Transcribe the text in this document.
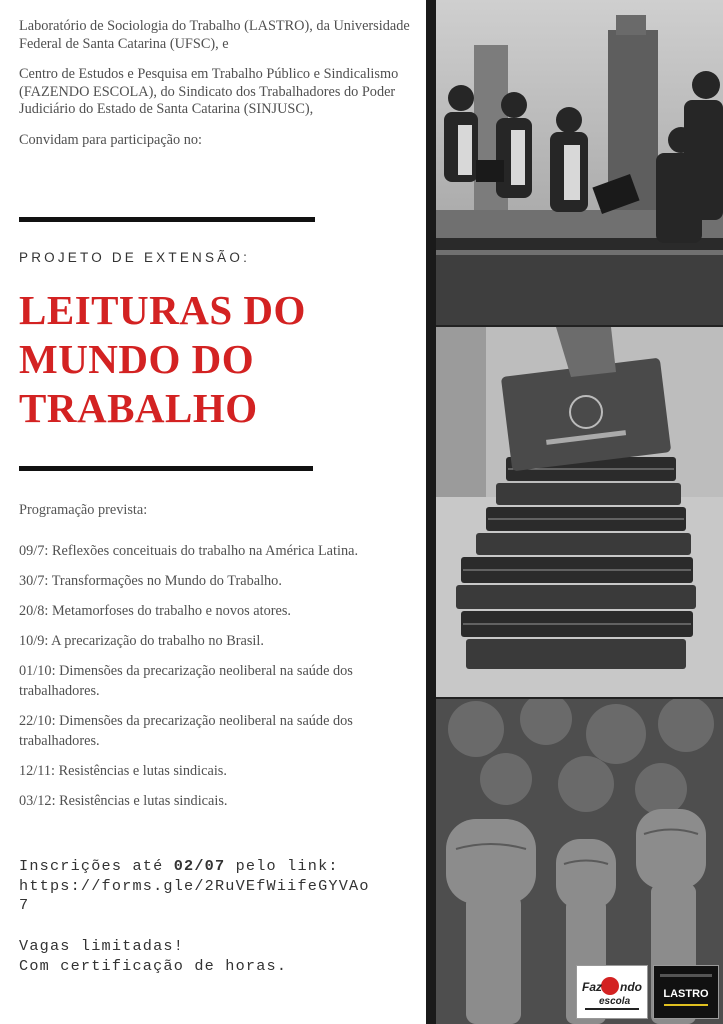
Laboratório de Sociologia do Trabalho (LASTRO), da Universidade Federal de Santa Catarina (UFSC), e

Centro de Estudos e Pesquisa em Trabalho Público e Sindicalismo (FAZENDO ESCOLA), do Sindicato dos Trabalhadores do Poder Judiciário do Estado de Santa Catarina (SINJUSC),

Convidam para participação no:

PROJETO DE EXTENSÃO:
LEITURAS DO
MUNDO DO
TRABALHO
Programação prevista:
09/7: Reflexões conceituais do trabalho na América Latina.
30/7: Transformações no Mundo do Trabalho.
20/8: Metamorfoses do trabalho e novos atores.
10/9: A precarização do trabalho no Brasil.
01/10: Dimensões da precarização neoliberal na saúde dos trabalhadores.
22/10: Dimensões da precarização neoliberal na saúde dos trabalhadores.
12/11: Resistências e lutas sindicais.
03/12: Resistências e lutas sindicais.
Inscrições até 02/07 pelo link:
https://forms.gle/2RuVEfWiifeGYVAo7
Vagas limitadas!
Com certificação de horas.
Faz ndo
escola
LASTRO
